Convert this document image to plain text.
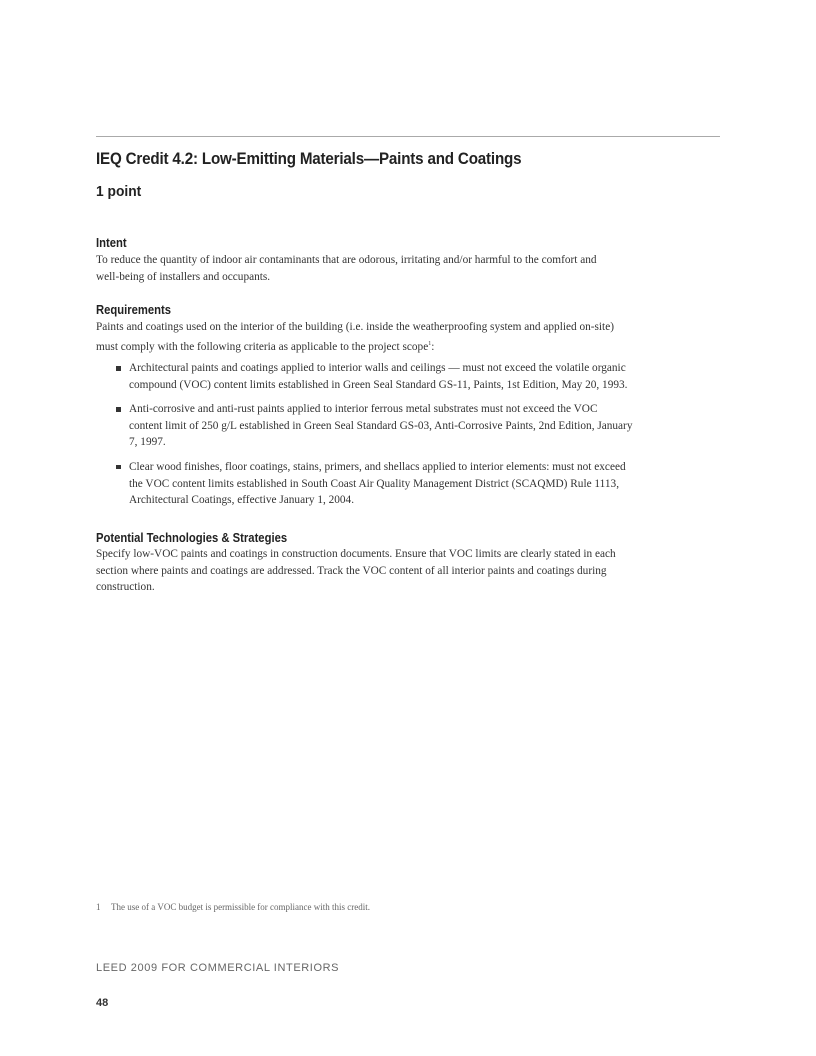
IEQ Credit 4.2: Low-Emitting Materials—Paints and Coatings
1 point
Intent
To reduce the quantity of indoor air contaminants that are odorous, irritating and/or harmful to the comfort and
well-being of installers and occupants.
Requirements
Paints and coatings used on the interior of the building (i.e. inside the weatherproofing system and applied on-site)
must comply with the following criteria as applicable to the project scope$^1$:
Architectural paints and coatings applied to interior walls and ceilings — must not exceed the volatile organic
compound (VOC) content limits established in Green Seal Standard GS-11, Paints, 1st Edition, May 20, 1993.
Anti-corrosive and anti-rust paints applied to interior ferrous metal substrates must not exceed the VOC
content limit of 250 g/L established in Green Seal Standard GS-03, Anti-Corrosive Paints, 2nd Edition, January
7, 1997.
Clear wood finishes, floor coatings, stains, primers, and shellacs applied to interior elements: must not exceed
the VOC content limits established in South Coast Air Quality Management District (SCAQMD) Rule 1113,
Architectural Coatings, effective January 1, 2004.
Potential Technologies & Strategies
Specify low-VOC paints and coatings in construction documents. Ensure that VOC limits are clearly stated in each
section where paints and coatings are addressed. Track the VOC content of all interior paints and coatings during
construction.
1 The use of a VOC budget is permissible for compliance with this credit.
LEED 2009 FOR COMMERCIAL INTERIORS
48
